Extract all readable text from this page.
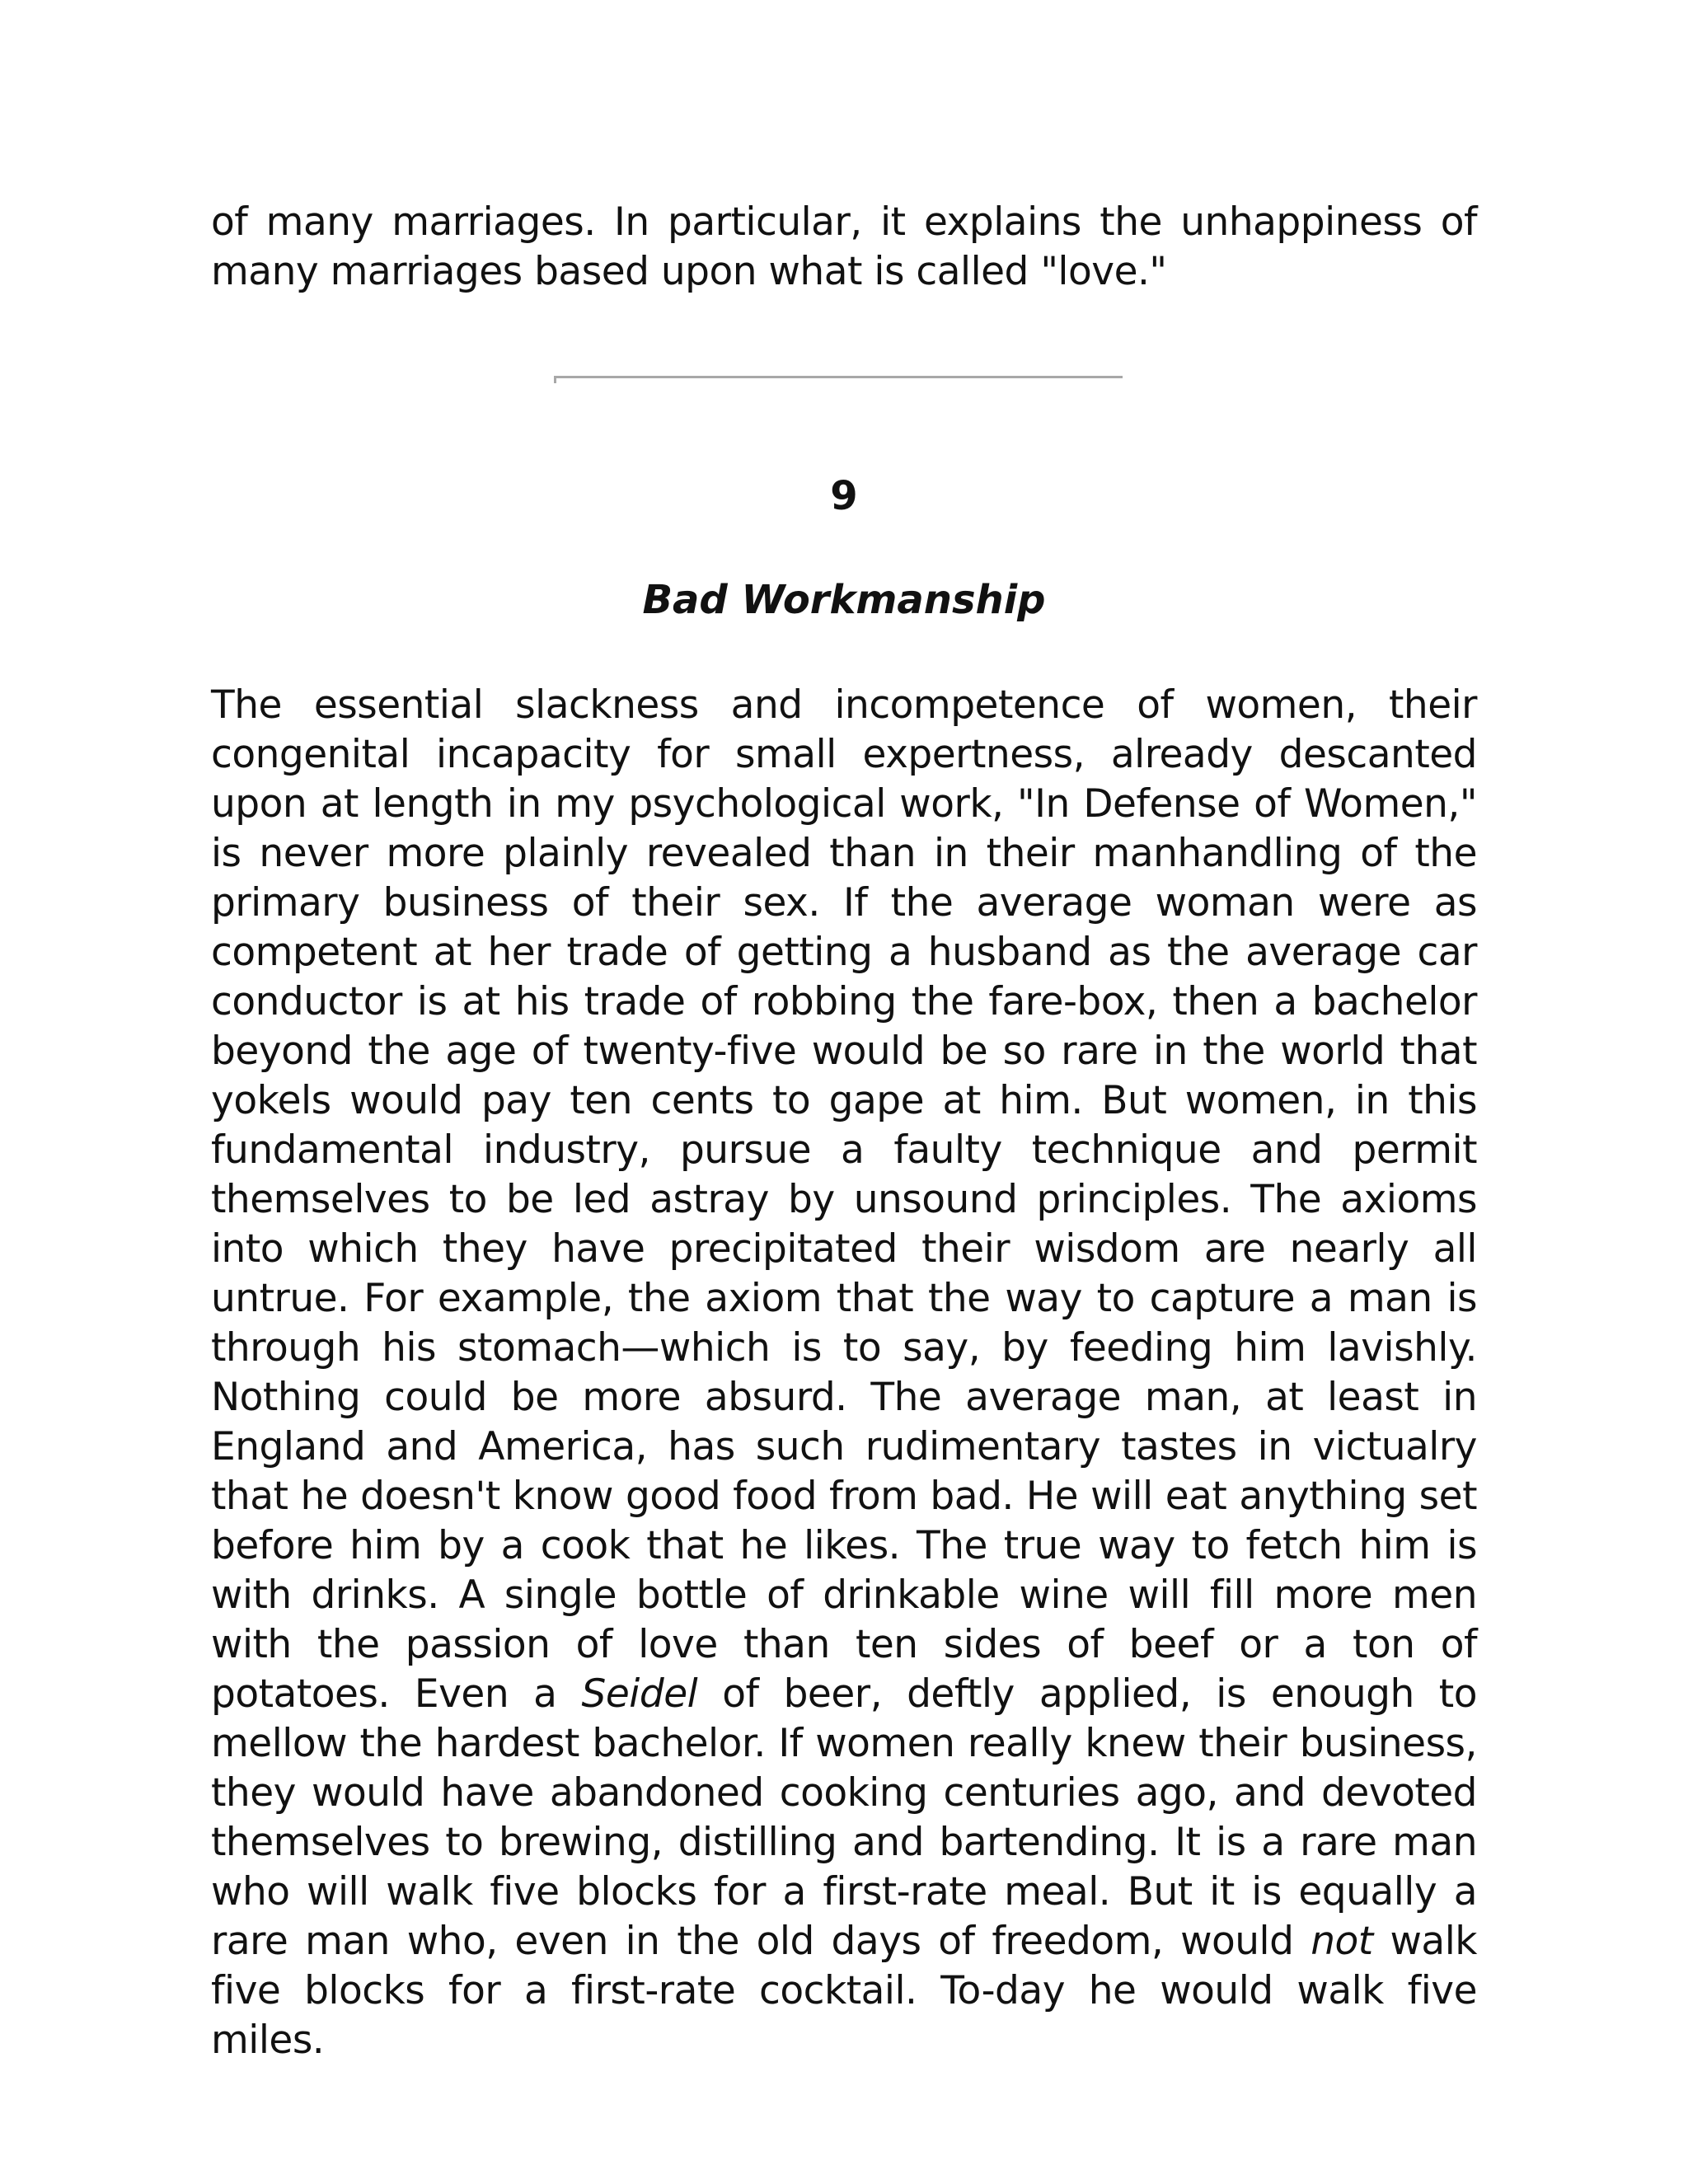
of many marriages. In particular, it explains the unhappiness of many marriages based upon what is called "love."

9
Bad Workmanship

The essential slackness and incompetence of women, their congenital incapacity for small expertness, already descanted upon at length in my psychological work, "In Defense of Women," is never more plainly revealed than in their manhandling of the primary business of their sex. If the average woman were as competent at her trade of getting a husband as the average car conductor is at his trade of robbing the fare-box, then a bachelor beyond the age of twenty-five would be so rare in the world that yokels would pay ten cents to gape at him. But women, in this fundamental industry, pursue a faulty technique and permit themselves to be led astray by unsound principles. The axioms into which they have precipitated their wisdom are nearly all untrue. For example, the axiom that the way to capture a man is through his stomach—which is to say, by feeding him lavishly. Nothing could be more absurd. The average man, at least in England and America, has such rudimentary tastes in victualry that he doesn't know good food from bad. He will eat anything set before him by a cook that he likes. The true way to fetch him is with drinks. A single bottle of drinkable wine will fill more men with the passion of love than ten sides of beef or a ton of potatoes. Even a Seidel of beer, deftly applied, is enough to mellow the hardest bachelor. If women really knew their business, they would have abandoned cooking centuries ago, and devoted themselves to brewing, distilling and bartending. It is a rare man who will walk five blocks for a first-rate meal. But it is equally a rare man who, even in the old days of freedom, would not walk five blocks for a first-rate cocktail. To-day he would walk five miles.
